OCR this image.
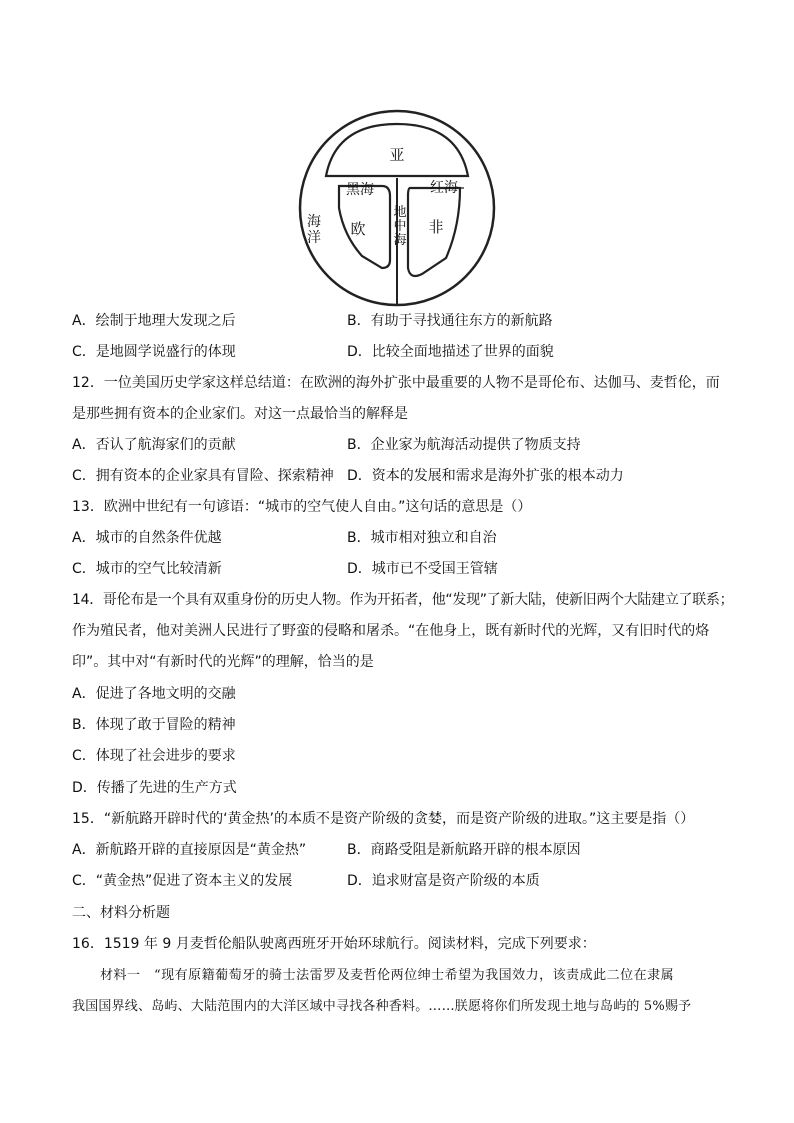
亚
黑海	红海
欧	非
海洋
地中海
A．绘制于地理大发现之后	B．有助于寻找通往东方的新航路
C．是地圆学说盛行的体现	D．比较全面地描述了世界的面貌
12．一位美国历史学家这样总结道：在欧洲的海外扩张中最重要的人物不是哥伦布、达伽马、麦哲伦，而
是那些拥有资本的企业家们。对这一点最恰当的解释是
A．否认了航海家们的贡献	B．企业家为航海活动提供了物质支持
C．拥有资本的企业家具有冒险、探索精神 D．资本的发展和需求是海外扩张的根本动力
13．欧洲中世纪有一句谚语：“城市的空气使人自由。”这句话的意思是（）
A．城市的自然条件优越	B．城市相对独立和自治
C．城市的空气比较清新	D．城市已不受国王管辖
14．哥伦布是一个具有双重身份的历史人物。作为开拓者，他“发现”了新大陆，使新旧两个大陆建立了联系；
作为殖民者，他对美洲人民进行了野蛮的侵略和屠杀。“在他身上，既有新时代的光辉，又有旧时代的烙
印”。其中对“有新时代的光辉”的理解，恰当的是
A．促进了各地文明的交融
B．体现了敢于冒险的精神
C．体现了社会进步的要求
D．传播了先进的生产方式
15．“新航路开辟时代的‘黄金热’的本质不是资产阶级的贪婪，而是资产阶级的进取。”这主要是指（）
A．新航路开辟的直接原因是“黄金热”	B．商路受阻是新航路开辟的根本原因
C．“黄金热”促进了资本主义的发展	D．追求财富是资产阶级的本质
二、材料分析题
16．1519 年 9 月麦哲伦船队驶离西班牙开始环球航行。阅读材料，完成下列要求：
材料一　“现有原籍葡萄牙的骑士法雷罗及麦哲伦两位绅士希望为我国效力，该责成此二位在隶属
我国国界线、岛屿、大陆范围内的大洋区域中寻找各种香料。……朕愿将你们所发现土地与岛屿的 5%赐予
